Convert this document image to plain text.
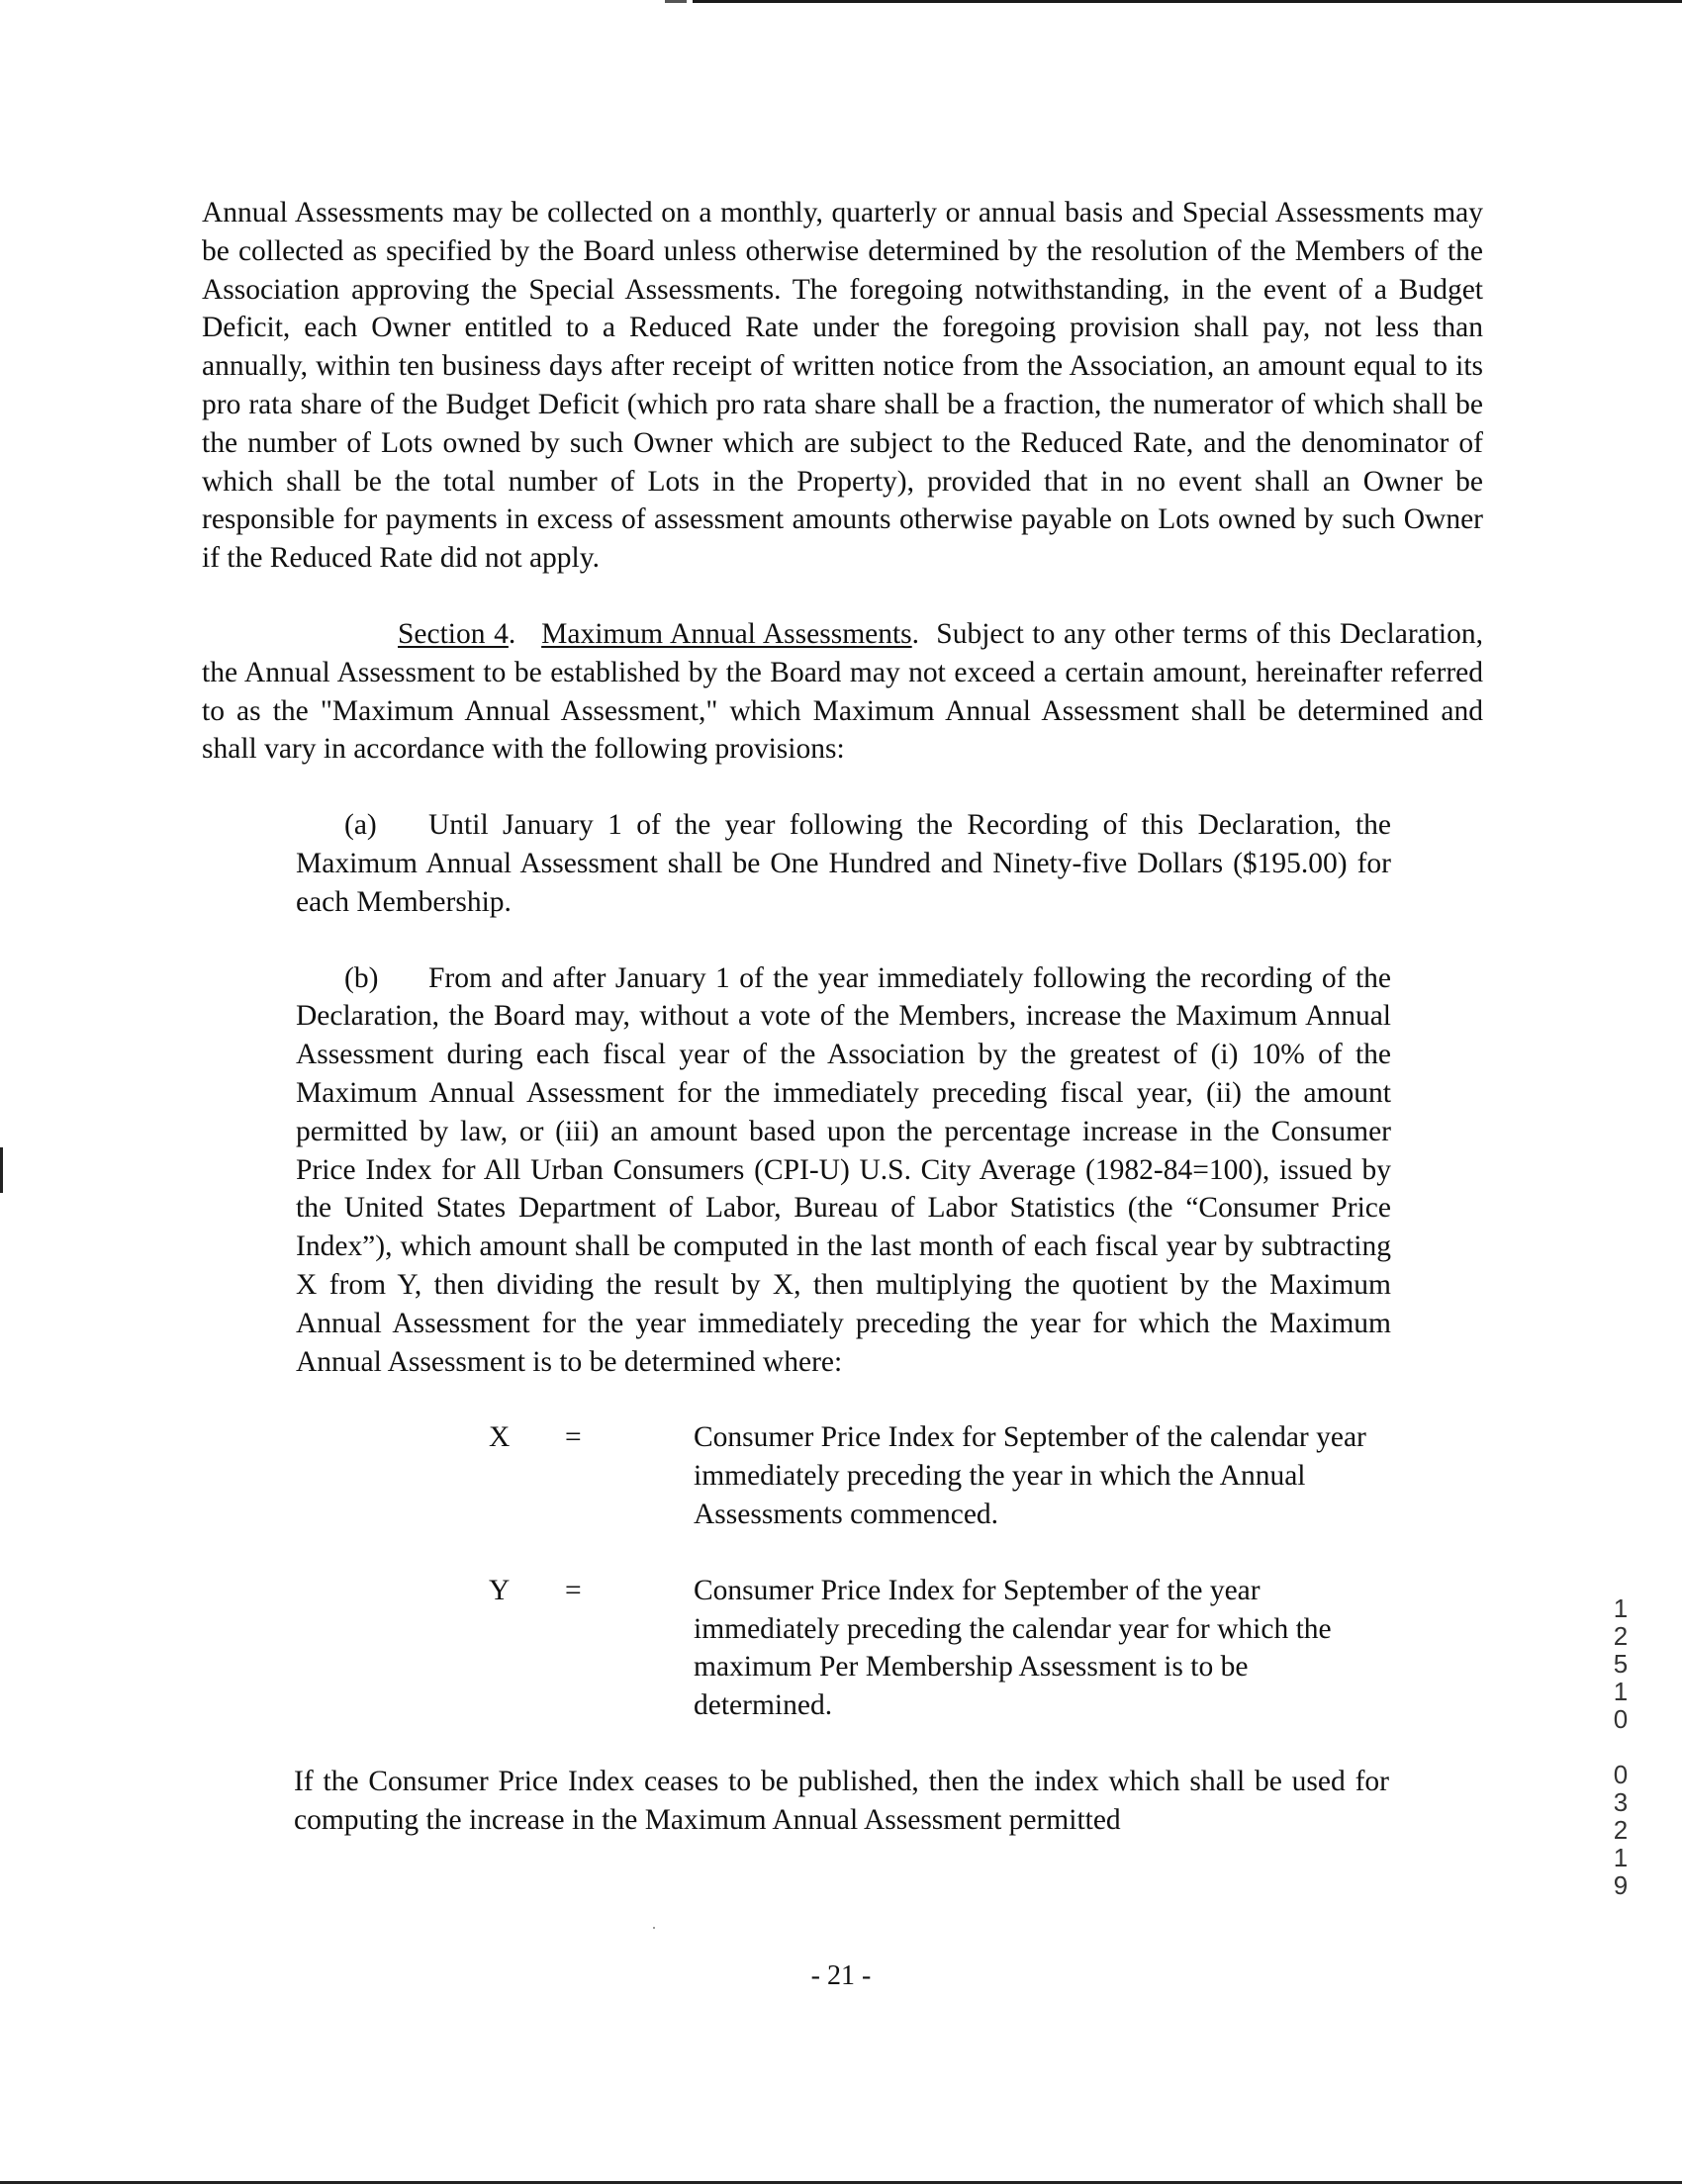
Annual Assessments may be collected on a monthly, quarterly or annual basis and Special Assessments may be collected as specified by the Board unless otherwise determined by the resolution of the Members of the Association approving the Special Assessments. The foregoing notwithstanding, in the event of a Budget Deficit, each Owner entitled to a Reduced Rate under the foregoing provision shall pay, not less than annually, within ten business days after receipt of written notice from the Association, an amount equal to its pro rata share of the Budget Deficit (which pro rata share shall be a fraction, the numerator of which shall be the number of Lots owned by such Owner which are subject to the Reduced Rate, and the denominator of which shall be the total number of Lots in the Property), provided that in no event shall an Owner be responsible for payments in excess of assessment amounts otherwise payable on Lots owned by such Owner if the Reduced Rate did not apply.

Section 4.   Maximum Annual Assessments.  Subject to any other terms of this Declaration, the Annual Assessment to be established by the Board may not exceed a certain amount, hereinafter referred to as the "Maximum Annual Assessment," which Maximum Annual Assessment shall be determined and shall vary in accordance with the following provisions:

(a) Until January 1 of the year following the Recording of this Declaration, the Maximum Annual Assessment shall be One Hundred and Ninety-five Dollars ($195.00) for each Membership.

(b) From and after January 1 of the year immediately following the recording of the Declaration, the Board may, without a vote of the Members, increase the Maximum Annual Assessment during each fiscal year of the Association by the greatest of (i) 10% of the Maximum Annual Assessment for the immediately preceding fiscal year, (ii) the amount permitted by law, or (iii) an amount based upon the percentage increase in the Consumer Price Index for All Urban Consumers (CPI-U) U.S. City Average (1982-84=100), issued by the United States Department of Labor, Bureau of Labor Statistics (the “Consumer Price Index”), which amount shall be computed in the last month of each fiscal year by subtracting X from Y, then dividing the result by X, then multiplying the quotient by the Maximum Annual Assessment for the year immediately preceding the year for which the Maximum Annual Assessment is to be determined where:

X	=	Consumer Price Index for September of the calendar year immediately preceding the year in which the Annual Assessments commenced.
Y	=	Consumer Price Index for September of the year immediately preceding the calendar year for which the maximum Per Membership Assessment is to be determined.

If the Consumer Price Index ceases to be published, then the index which shall be used for computing the increase in the Maximum Annual Assessment permitted

- 21 -
1
2
5
1
0
0
3
2
1
9
